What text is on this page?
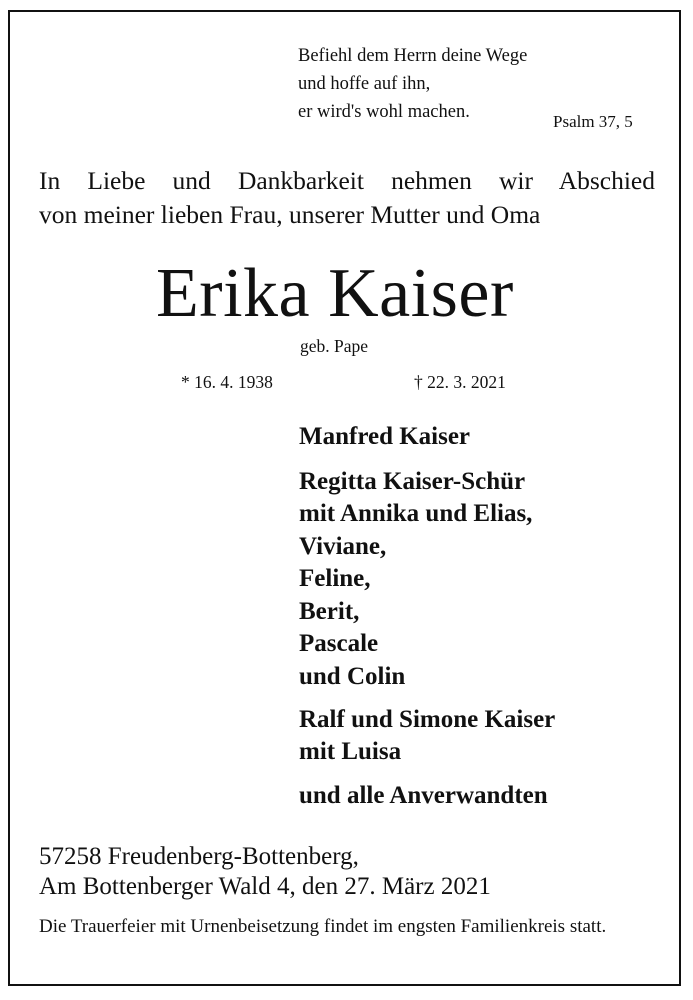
Befiehl dem Herrn deine Wege
und hoffe auf ihn,
er wird's wohl machen.	Psalm 37, 5
In Liebe und Dankbarkeit nehmen wir Abschied
von meiner lieben Frau, unserer Mutter und Oma
Erika Kaiser
geb. Pape
* 16. 4. 1938	† 22. 3. 2021
Manfred Kaiser
Regitta Kaiser-Schür
mit Annika und Elias,
Viviane,
Feline,
Berit,
Pascale
und Colin
Ralf und Simone Kaiser
mit Luisa
und alle Anverwandten
57258 Freudenberg-Bottenberg,
Am Bottenberger Wald 4, den 27. März 2021
Die Trauerfeier mit Urnenbeisetzung findet im engsten Familienkreis statt.
